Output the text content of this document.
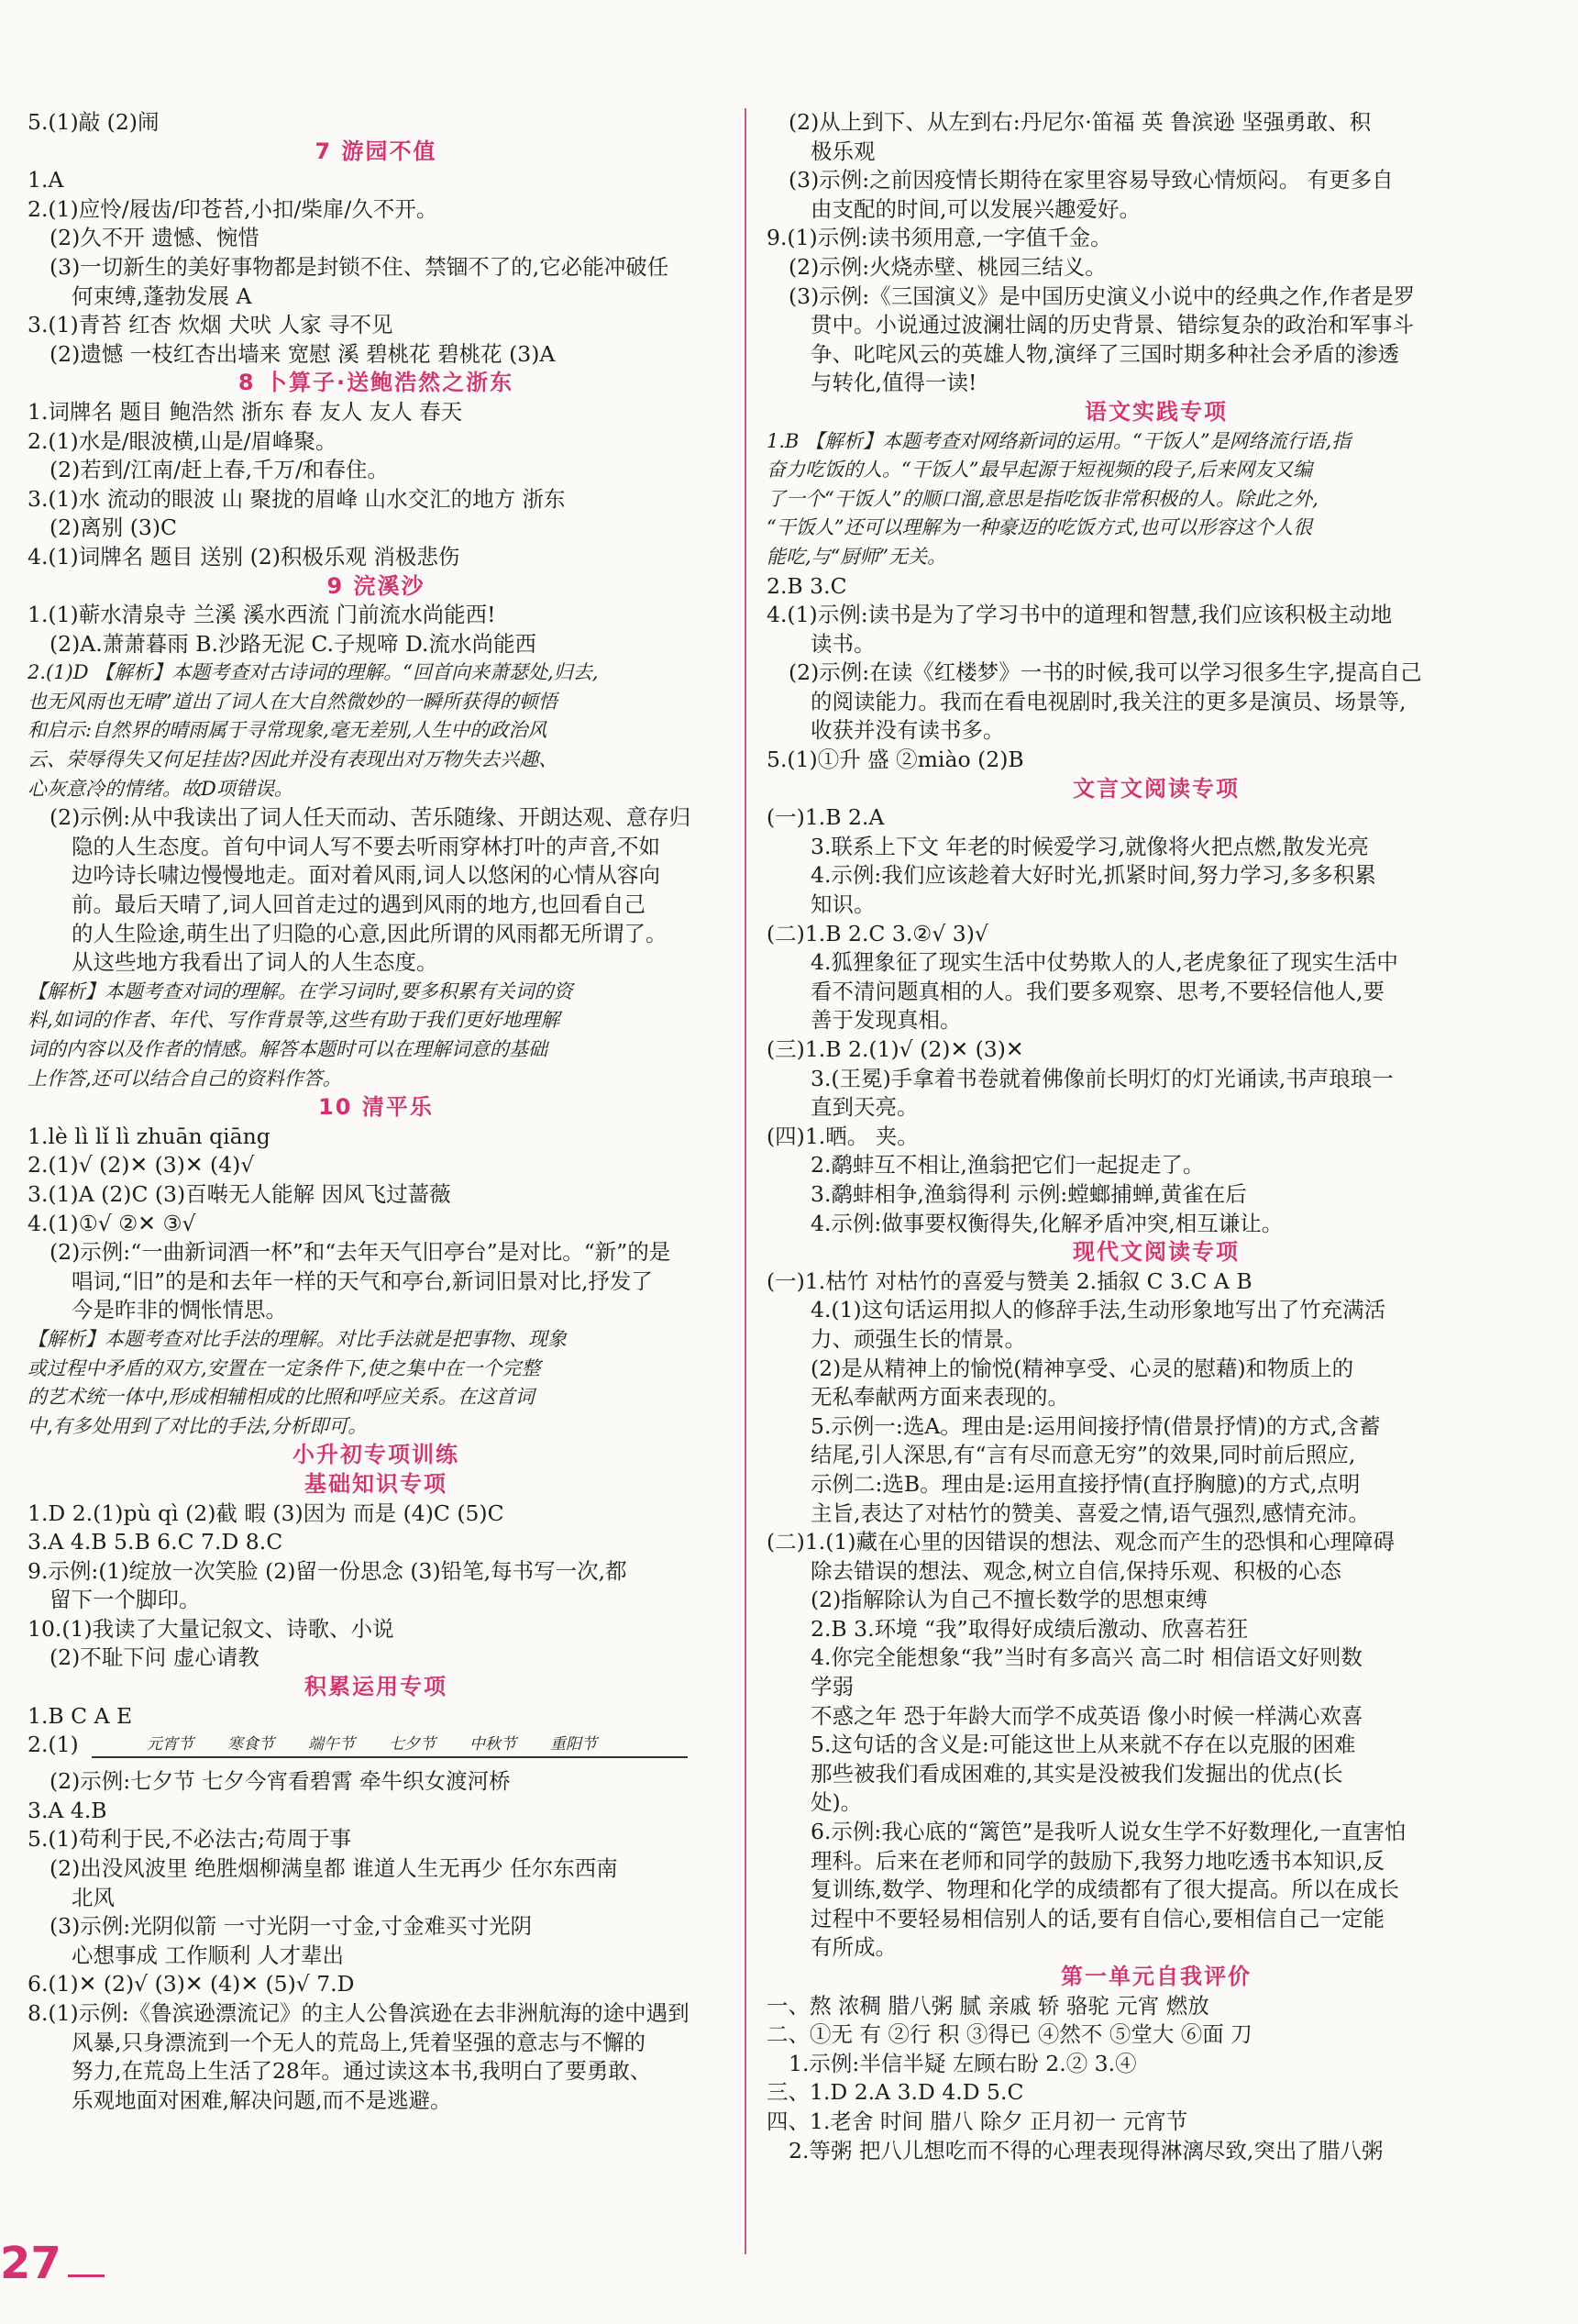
5.(1)敲 (2)闹
7 游园不值
1.A
2.(1)应怜/屐齿/印苍苔,小扣/柴扉/久不开。
(2)久不开 遗憾、惋惜
(3)一切新生的美好事物都是封锁不住、禁锢不了的,它必能冲破任
何束缚,蓬勃发展 A
3.(1)青苔 红杏 炊烟 犬吠 人家 寻不见
(2)遗憾 一枝红杏出墙来 宽慰 溪 碧桃花 碧桃花 (3)A
8 卜算子·送鲍浩然之浙东
1.词牌名 题目 鲍浩然 浙东 春 友人 友人 春天
2.(1)水是/眼波横,山是/眉峰聚。
(2)若到/江南/赶上春,千万/和春住。
3.(1)水 流动的眼波 山 聚拢的眉峰 山水交汇的地方 浙东
(2)离别 (3)C
4.(1)词牌名 题目 送别 (2)积极乐观 消极悲伤
9 浣溪沙
1.(1)蕲水清泉寺 兰溪 溪水西流 门前流水尚能西!
(2)A.萧萧暮雨 B.沙路无泥 C.子规啼 D.流水尚能西
2.(1)D 【解析】本题考查对古诗词的理解。“回首向来萧瑟处,归去,
也无风雨也无晴”道出了词人在大自然微妙的一瞬所获得的顿悟
和启示:自然界的晴雨属于寻常现象,毫无差别,人生中的政治风
云、荣辱得失又何足挂齿?因此并没有表现出对万物失去兴趣、
心灰意冷的情绪。故D项错误。
(2)示例:从中我读出了词人任天而动、苦乐随缘、开朗达观、意存归
隐的人生态度。首句中词人写不要去听雨穿林打叶的声音,不如
边吟诗长啸边慢慢地走。面对着风雨,词人以悠闲的心情从容向
前。最后天晴了,词人回首走过的遇到风雨的地方,也回看自己
的人生险途,萌生出了归隐的心意,因此所谓的风雨都无所谓了。
从这些地方我看出了词人的人生态度。
【解析】本题考查对词的理解。在学习词时,要多积累有关词的资
料,如词的作者、年代、写作背景等,这些有助于我们更好地理解
词的内容以及作者的情感。解答本题时可以在理解词意的基础
上作答,还可以结合自己的资料作答。
10 清平乐
1.lè lì lǐ lì zhuān qiāng
2.(1)√ (2)✕ (3)✕ (4)√
3.(1)A (2)C (3)百啭无人能解 因风飞过蔷薇
4.(1)①√ ②✕ ③√
(2)示例:“一曲新词酒一杯”和“去年天气旧亭台”是对比。“新”的是
唱词,“旧”的是和去年一样的天气和亭台,新词旧景对比,抒发了
今是昨非的惆怅情思。
【解析】本题考查对比手法的理解。对比手法就是把事物、现象
或过程中矛盾的双方,安置在一定条件下,使之集中在一个完整
的艺术统一体中,形成相辅相成的比照和呼应关系。在这首词
中,有多处用到了对比的手法,分析即可。
小升初专项训练
基础知识专项
1.D 2.(1)pù qì (2)截 暇 (3)因为 而是 (4)C (5)C
3.A 4.B 5.B 6.C 7.D 8.C
9.示例:(1)绽放一次笑脸 (2)留一份思念 (3)铅笔,每书写一次,都
留下一个脚印。
10.(1)我读了大量记叙文、诗歌、小说
(2)不耻下问 虚心请教
积累运用专项
1.B C A E
2.(1)	元宵节 寒食节 端午节 七夕节 中秋节 重阳节
(2)示例:七夕节 七夕今宵看碧霄 牵牛织女渡河桥
3.A 4.B
5.(1)苟利于民,不必法古;苟周于事
(2)出没风波里 绝胜烟柳满皇都 谁道人生无再少 任尔东西南
北风
(3)示例:光阴似箭 一寸光阴一寸金,寸金难买寸光阴
心想事成 工作顺利 人才辈出
6.(1)✕ (2)√ (3)✕ (4)✕ (5)√ 7.D
8.(1)示例:《鲁滨逊漂流记》的主人公鲁滨逊在去非洲航海的途中遇到
风暴,只身漂流到一个无人的荒岛上,凭着坚强的意志与不懈的
努力,在荒岛上生活了28年。通过读这本书,我明白了要勇敢、
乐观地面对困难,解决问题,而不是逃避。
(2)从上到下、从左到右:丹尼尔·笛福 英 鲁滨逊 坚强勇敢、积
极乐观
(3)示例:之前因疫情长期待在家里容易导致心情烦闷。 有更多自
由支配的时间,可以发展兴趣爱好。
9.(1)示例:读书须用意,一字值千金。
(2)示例:火烧赤壁、桃园三结义。
(3)示例:《三国演义》是中国历史演义小说中的经典之作,作者是罗
贯中。小说通过波澜壮阔的历史背景、错综复杂的政治和军事斗
争、叱咤风云的英雄人物,演绎了三国时期多种社会矛盾的渗透
与转化,值得一读!
语文实践专项
1.B 【解析】本题考查对网络新词的运用。“干饭人”是网络流行语,指
奋力吃饭的人。“干饭人”最早起源于短视频的段子,后来网友又编
了一个“干饭人”的顺口溜,意思是指吃饭非常积极的人。除此之外,
“干饭人”还可以理解为一种豪迈的吃饭方式,也可以形容这个人很
能吃,与“厨师”无关。
2.B 3.C
4.(1)示例:读书是为了学习书中的道理和智慧,我们应该积极主动地
读书。
(2)示例:在读《红楼梦》一书的时候,我可以学习很多生字,提高自己
的阅读能力。我而在看电视剧时,我关注的更多是演员、场景等,
收获并没有读书多。
5.(1)①升 盛 ②miào (2)B
文言文阅读专项
(一)1.B 2.A
3.联系上下文 年老的时候爱学习,就像将火把点燃,散发光亮
4.示例:我们应该趁着大好时光,抓紧时间,努力学习,多多积累
知识。
(二)1.B 2.C 3.②√ 3)√
4.狐狸象征了现实生活中仗势欺人的人,老虎象征了现实生活中
看不清问题真相的人。我们要多观察、思考,不要轻信他人,要
善于发现真相。
(三)1.B 2.(1)√ (2)✕ (3)✕
3.(王冕)手拿着书卷就着佛像前长明灯的灯光诵读,书声琅琅一
直到天亮。
(四)1.晒。 夹。
2.鹬蚌互不相让,渔翁把它们一起捉走了。
3.鹬蚌相争,渔翁得利 示例:螳螂捕蝉,黄雀在后
4.示例:做事要权衡得失,化解矛盾冲突,相互谦让。
现代文阅读专项
(一)1.枯竹 对枯竹的喜爱与赞美 2.插叙 C 3.C A B
4.(1)这句话运用拟人的修辞手法,生动形象地写出了竹充满活
力、顽强生长的情景。
(2)是从精神上的愉悦(精神享受、心灵的慰藉)和物质上的
无私奉献两方面来表现的。
5.示例一:选A。理由是:运用间接抒情(借景抒情)的方式,含蓄
结尾,引人深思,有“言有尽而意无穷”的效果,同时前后照应,
示例二:选B。理由是:运用直接抒情(直抒胸臆)的方式,点明
主旨,表达了对枯竹的赞美、喜爱之情,语气强烈,感情充沛。
(二)1.(1)藏在心里的因错误的想法、观念而产生的恐惧和心理障碍
除去错误的想法、观念,树立自信,保持乐观、积极的心态
(2)指解除认为自己不擅长数学的思想束缚
2.B 3.环境 “我”取得好成绩后激动、欣喜若狂
4.你完全能想象“我”当时有多高兴 高二时 相信语文好则数
学弱
不惑之年 恐于年龄大而学不成英语 像小时候一样满心欢喜
5.这句话的含义是:可能这世上从来就不存在以克服的困难
那些被我们看成困难的,其实是没被我们发掘出的优点(长
处)。
6.示例:我心底的“篱笆”是我听人说女生学不好数理化,一直害怕
理科。后来在老师和同学的鼓励下,我努力地吃透书本知识,反
复训练,数学、物理和化学的成绩都有了很大提高。所以在成长
过程中不要轻易相信别人的话,要有自信心,要相信自己一定能
有所成。
第一单元自我评价
一、熬 浓稠 腊八粥 腻 亲戚 轿 骆驼 元宵 燃放
二、①无 有 ②行 积 ③得已 ④然不 ⑤堂大 ⑥面 刀
1.示例:半信半疑 左顾右盼 2.② 3.④
三、1.D 2.A 3.D 4.D 5.C
四、1.老舍 时间 腊八 除夕 正月初一 元宵节
2.等粥 把八儿想吃而不得的心理表现得淋漓尽致,突出了腊八粥
27
